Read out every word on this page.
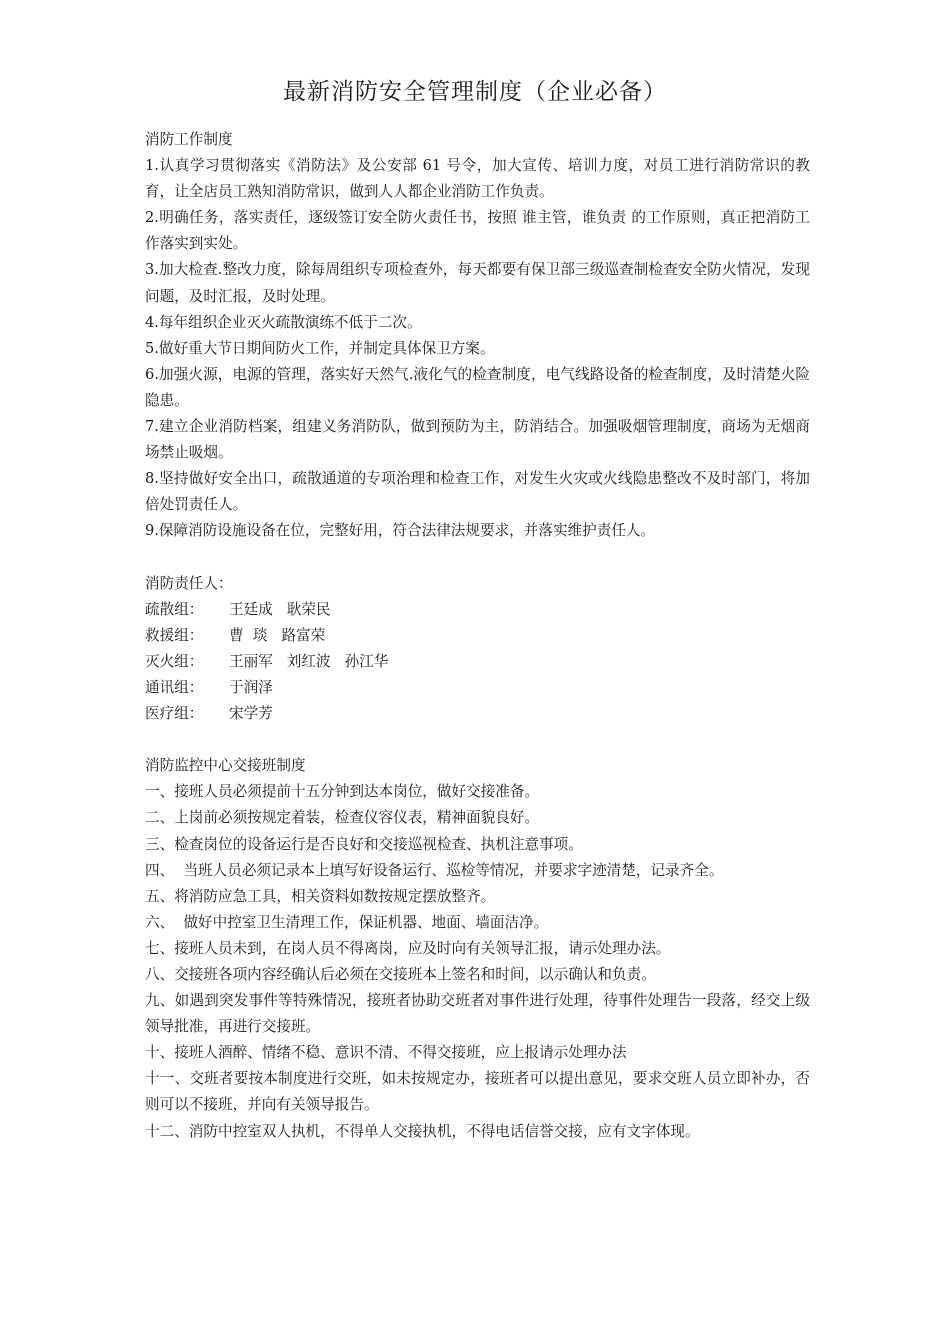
最新消防安全管理制度（企业必备）

消防工作制度

1.认真学习贯彻落实《消防法》及公安部 61 号令，加大宣传、培训力度，对员工进行消防常识的教育，让全店员工熟知消防常识，做到人人都企业消防工作负责。

2.明确任务，落实责任，逐级签订安全防火责任书，按照 谁主管，谁负责 的工作原则，真正把消防工作落实到实处。

3.加大检查.整改力度，除每周组织专项检查外，每天都要有保卫部三级巡查制检查安全防火情况，发现问题，及时汇报，及时处理。

4.每年组织企业灭火疏散演练不低于二次。

5.做好重大节日期间防火工作，并制定具体保卫方案。

6.加强火源，电源的管理，落实好天然气.液化气的检查制度，电气线路设备的检查制度，及时清楚火险隐患。

7.建立企业消防档案，组建义务消防队，做到预防为主，防消结合。加强吸烟管理制度，商场为无烟商场禁止吸烟。

8.坚持做好安全出口，疏散通道的专项治理和检查工作，对发生火灾或火线隐患整改不及时部门，将加倍处罚责任人。

9.保障消防设施设备在位，完整好用，符合法律法规要求，并落实维护责任人。

消防责任人：

疏散组：	王廷成 耿荣民
救援组：	曹  琰 路富荣
灭火组：	王丽军 刘红波 孙江华
通讯组：	于润泽
医疗组：	宋学芳

消防监控中心交接班制度

一、接班人员必须提前十五分钟到达本岗位，做好交接准备。

二、上岗前必须按规定着装，检查仪容仪表，精神面貌良好。

三、检查岗位的设备运行是否良好和交接巡视检查、执机注意事项。

四、  当班人员必须记录本上填写好设备运行、巡检等情况，并要求字迹清楚，记录齐全。

五、将消防应急工具，相关资料如数按规定摆放整齐。

六、  做好中控室卫生清理工作，保证机器、地面、墙面洁净。

七、接班人员未到，在岗人员不得离岗，应及时向有关领导汇报，请示处理办法。

八、交接班各项内容经确认后必须在交接班本上签名和时间，以示确认和负责。

九、如遇到突发事件等特殊情况，接班者协助交班者对事件进行处理，待事件处理告一段落，经交上级领导批准，再进行交接班。

十、接班人酒醉、情绪不稳、意识不清、不得交接班，应上报请示处理办法

十一、交班者要按本制度进行交班，如未按规定办，接班者可以提出意见，要求交班人员立即补办，否则可以不接班，并向有关领导报告。

十二、消防中控室双人执机，不得单人交接执机，不得电话信誉交接，应有文字体现。
